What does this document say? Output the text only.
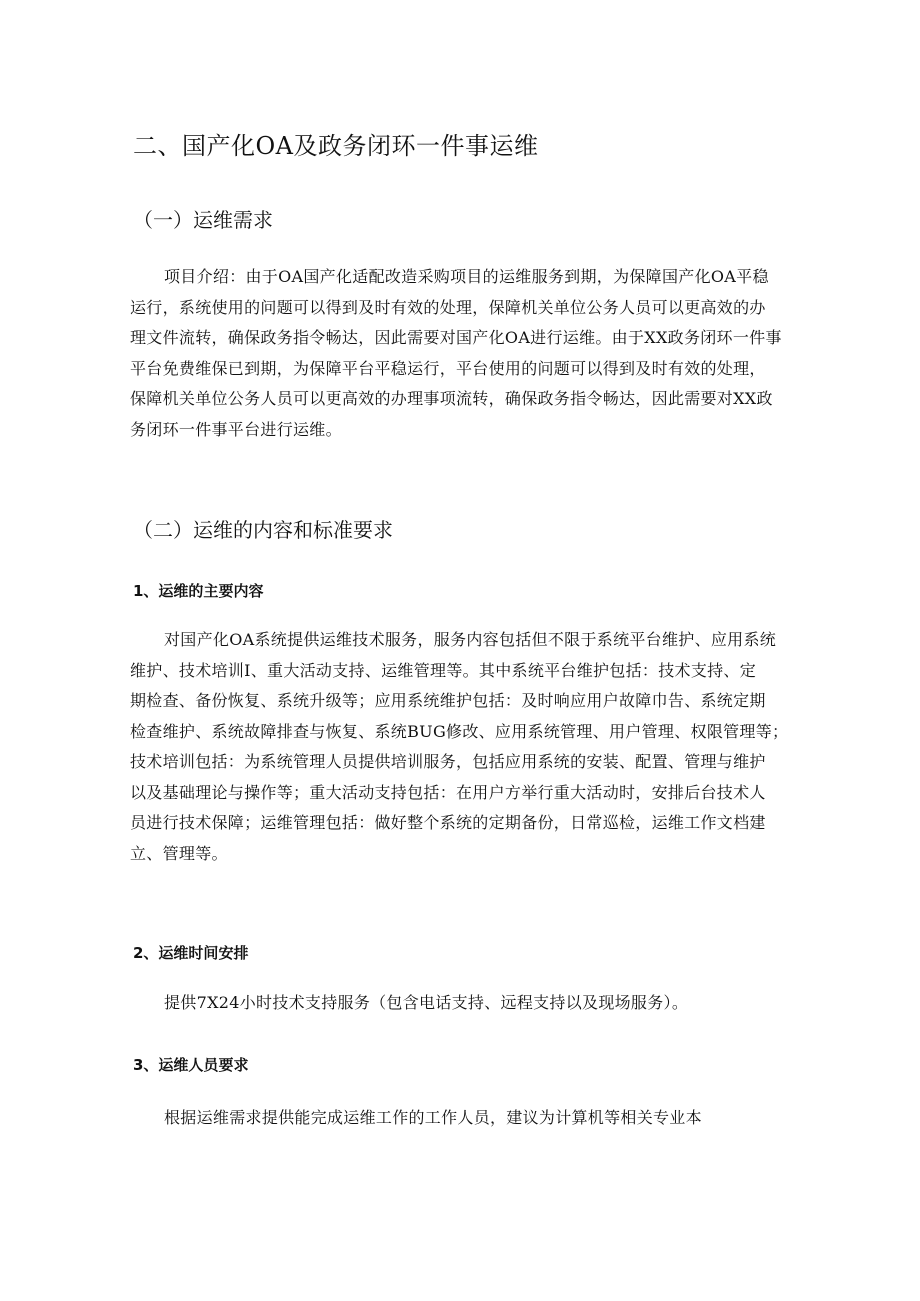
二、国产化OA及政务闭环一件事运维
（一）运维需求
项目介绍：由于OA国产化适配改造采购项目的运维服务到期，为保障国产化OA平稳
运行，系统使用的问题可以得到及时有效的处理，保障机关单位公务人员可以更高效的办
理文件流转，确保政务指令畅达，因此需要对国产化OA进行运维。由于XX政务闭环一件事
平台免费维保已到期，为保障平台平稳运行，平台使用的问题可以得到及时有效的处理，
保障机关单位公务人员可以更高效的办理事项流转，确保政务指令畅达，因此需要对XX政
务闭环一件事平台进行运维。
（二）运维的内容和标准要求
1、运维的主要内容
对国产化OA系统提供运维技术服务，服务内容包括但不限于系统平台维护、应用系统
维护、技术培训I、重大活动支持、运维管理等。其中系统平台维护包括：技术支持、定
期检查、备份恢复、系统升级等；应用系统维护包括：及时响应用户故障巾告、系统定期
检查维护、系统故障排查与恢复、系统BUG修改、应用系统管理、用户管理、权限管理等；
技术培训包括：为系统管理人员提供培训服务，包括应用系统的安装、配置、管理与维护
以及基础理论与操作等；重大活动支持包括：在用户方举行重大活动时，安排后台技术人
员进行技术保障；运维管理包括：做好整个系统的定期备份，日常巡检，运维工作文档建
立、管理等。
2、运维时间安排
提供7X24小时技术支持服务（包含电话支持、远程支持以及现场服务）。
3、运维人员要求
根据运维需求提供能完成运维工作的工作人员，建议为计算机等相关专业本
